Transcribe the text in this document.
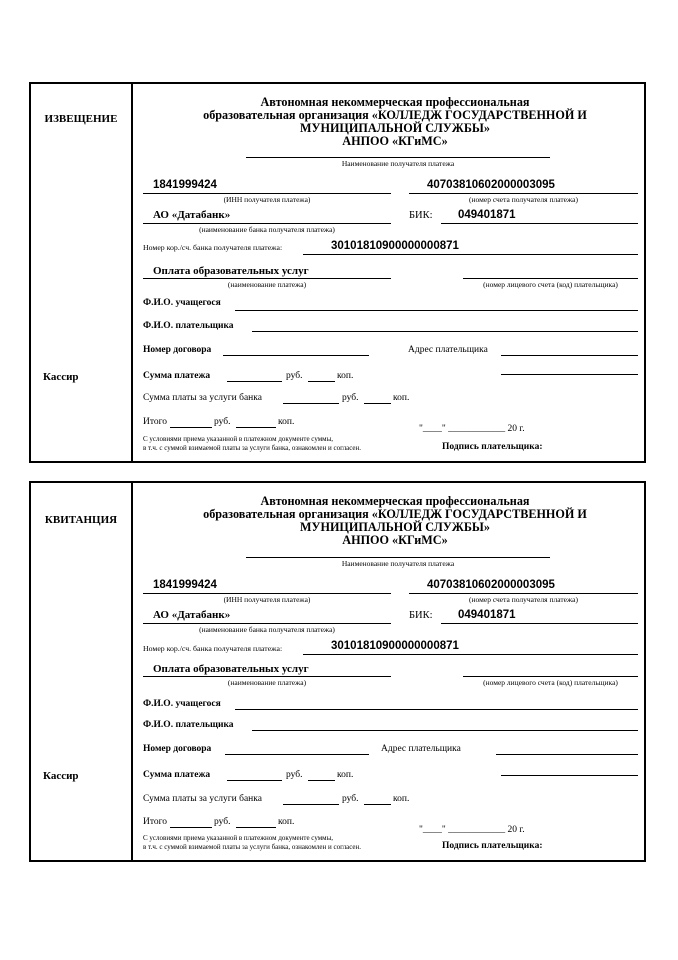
ИЗВЕЩЕНИЕ
Кассир
Автономная некоммерческая профессиональная
образовательная организация «КОЛЛЕДЖ ГОСУДАРСТВЕННОЙ И
МУНИЦИПАЛЬНОЙ СЛУЖБЫ»
АНПОО «КГиМС»
Наименование получателя платежа
1841999424
(ИНН получателя платежа)
40703810602000003095
(номер счета получателя платежа)
АО «Датабанк»
(наименование банка получателя платежа)
БИК: 049401871
Номер кор./сч. банка получателя платежа:	30101810900000000871
Оплата образовательных услуг
(наименование платежа)	(номер лицевого счета (код) плательщика)
Ф.И.О. учащегося
Ф.И.О. плательщика
Номер договора	Адрес плательщика
Сумма платежа	руб.	коп.
Сумма платы за услуги банка	руб.	коп.
Итого	руб.	коп.
"____" ____________ 20 г.
С условиями приема указанной в платежном документе суммы,
в т.ч. с суммой взимаемой платы за услуги банка, ознакомлен и согласен.	Подпись плательщика:
КВИТАНЦИЯ
Кассир
Автономная некоммерческая профессиональная
образовательная организация «КОЛЛЕДЖ ГОСУДАРСТВЕННОЙ И
МУНИЦИПАЛЬНОЙ СЛУЖБЫ»
АНПОО «КГиМС»
Наименование получателя платежа
1841999424
(ИНН получателя платежа)
40703810602000003095
(номер счета получателя платежа)
АО «Датабанк»
(наименование банка получателя платежа)
БИК: 049401871
Номер кор./сч. банка получателя платежа:	30101810900000000871
Оплата образовательных услуг
(наименование платежа)	(номер лицевого счета (код) плательщика)
Ф.И.О. учащегося
Ф.И.О. плательщика
Номер договора	Адрес плательщика
Сумма платежа	руб.	коп.
Сумма платы за услуги банка	руб.	коп.
Итого	руб.	коп.
"____" ____________ 20 г.
С условиями приема указанной в платежном документе суммы,
в т.ч. с суммой взимаемой платы за услуги банка, ознакомлен и согласен.	Подпись плательщика:
